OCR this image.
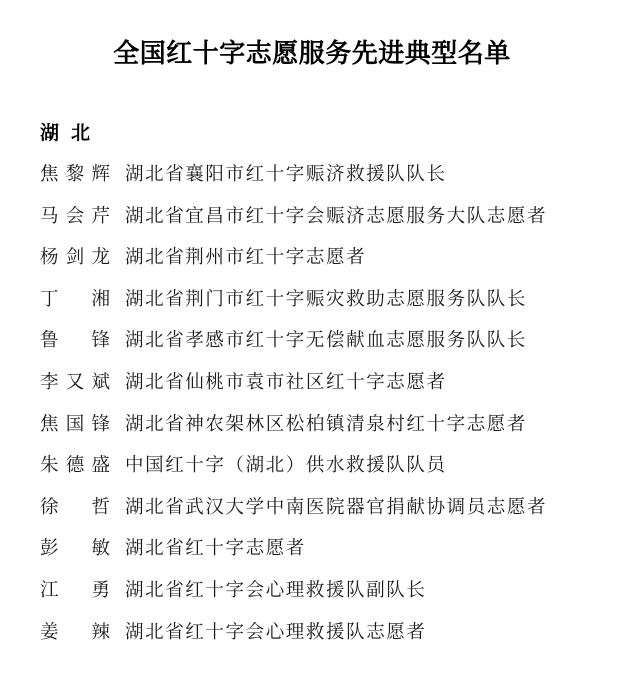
全国红十字志愿服务先进典型名单
湖北
焦 黎 辉 湖北省襄阳市红十字赈济救援队队长
马 会 芹 湖北省宜昌市红十字会赈济志愿服务大队志愿者
杨 剑 龙 湖北省荆州市红十字志愿者
丁 湘 湖北省荆门市红十字赈灾救助志愿服务队队长
鲁 锋 湖北省孝感市红十字无偿献血志愿服务队队长
李 又 斌 湖北省仙桃市袁市社区红十字志愿者
焦 国 锋 湖北省神农架林区松柏镇清泉村红十字志愿者
朱 德 盛 中国红十字（湖北）供水救援队队员
徐 哲 湖北省武汉大学中南医院器官捐献协调员志愿者
彭 敏 湖北省红十字志愿者
江 勇 湖北省红十字会心理救援队副队长
姜 辣 湖北省红十字会心理救援队志愿者
